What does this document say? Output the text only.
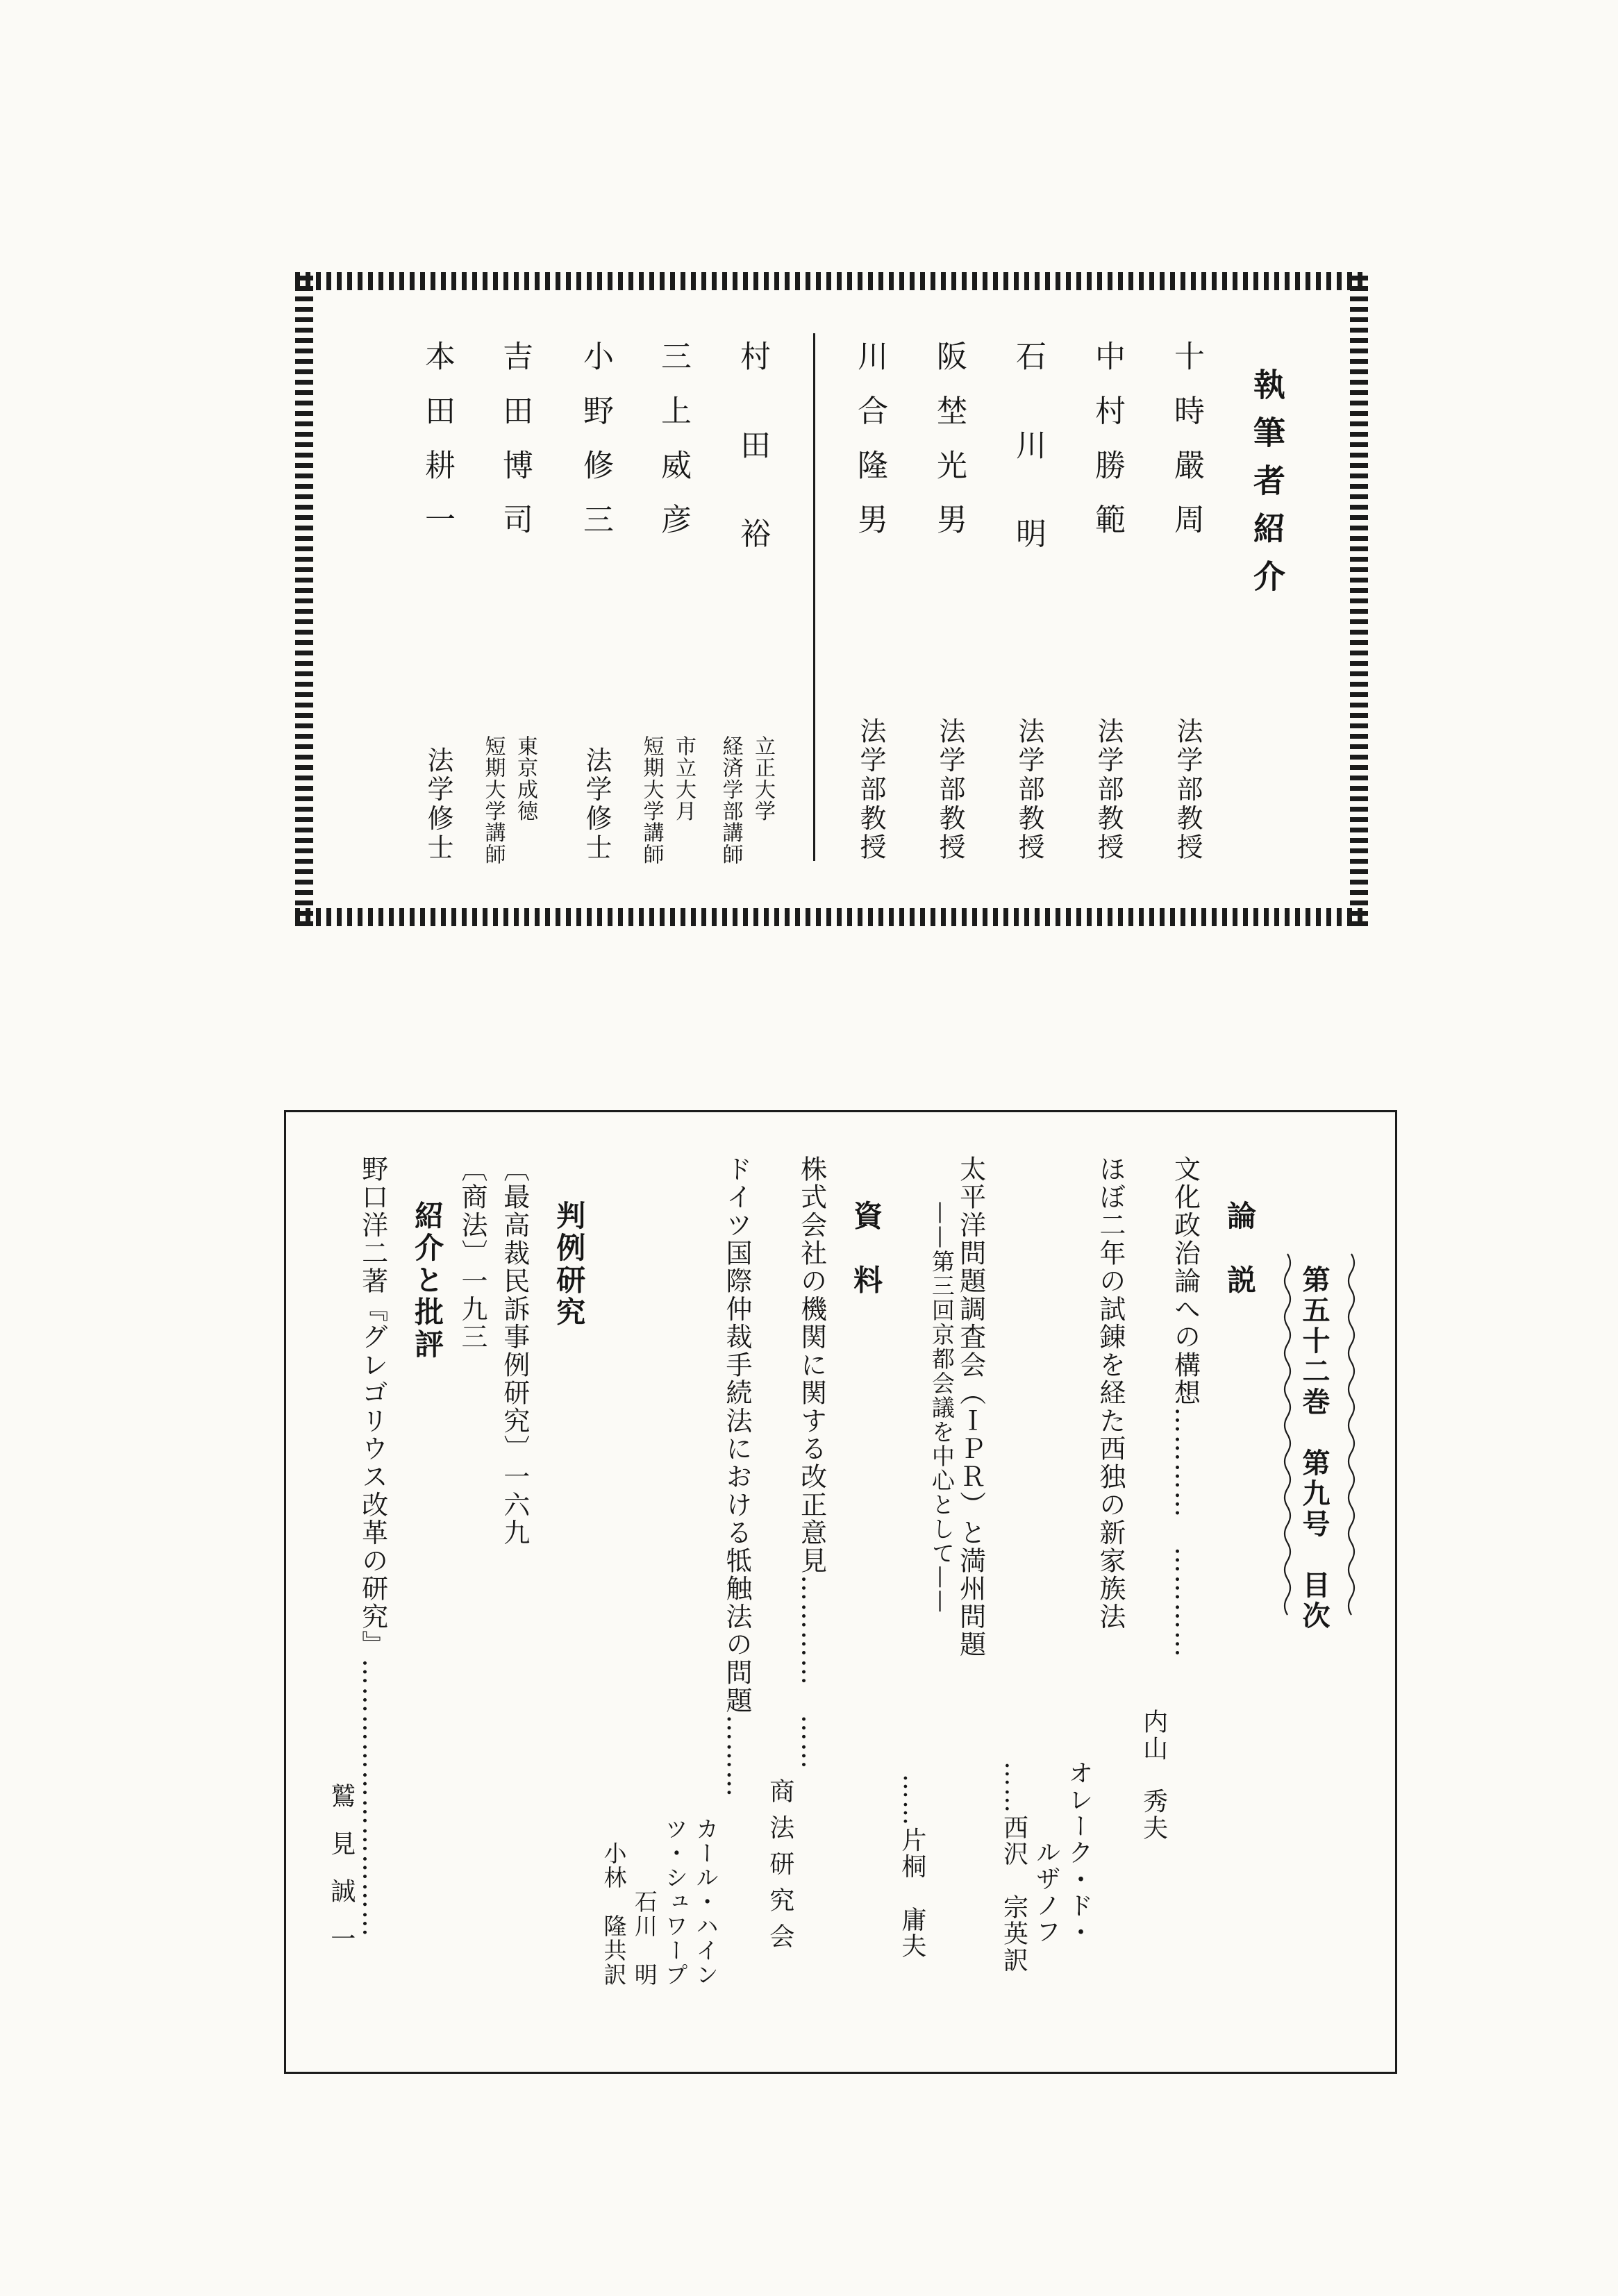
執筆者紹介
十時嚴周
法学部教授
中村勝範
法学部教授
石川明
法学部教授
阪埜光男
法学部教授
川合隆男
法学部教授
村田裕
立正大学
経済学部講師
三上威彦
市立大月
短期大学講師
小野修三
法学修士
吉田博司
東京成徳
短期大学講師
本田耕一
法学修士
第五十二巻　第九号　目次
論　説
文化政治論への構想…………　…………
内山　秀夫
ほぼ二年の試錬を経た西独の新家族法
オレーク・ド・
ルザノフ
……西沢　宗英訳
太平洋問題調査会（ＩＰＲ）と満州問題
——第三回京都会議を中心として——
……片桐　庸夫
資　料
株式会社の機関に関する改正意見…………　……
商法研究会
ドイツ国際仲裁手続法における牴触法の問題………
カール・ハイン
ツ・シュワープ
石川　明
小林　隆共訳
判例研究
〔最高裁民訴事例研究〕一六九
〔商法〕一九三
紹介と批評
野口洋二著『グレゴリウス改革の研究』…………………………
鷲見誠一
